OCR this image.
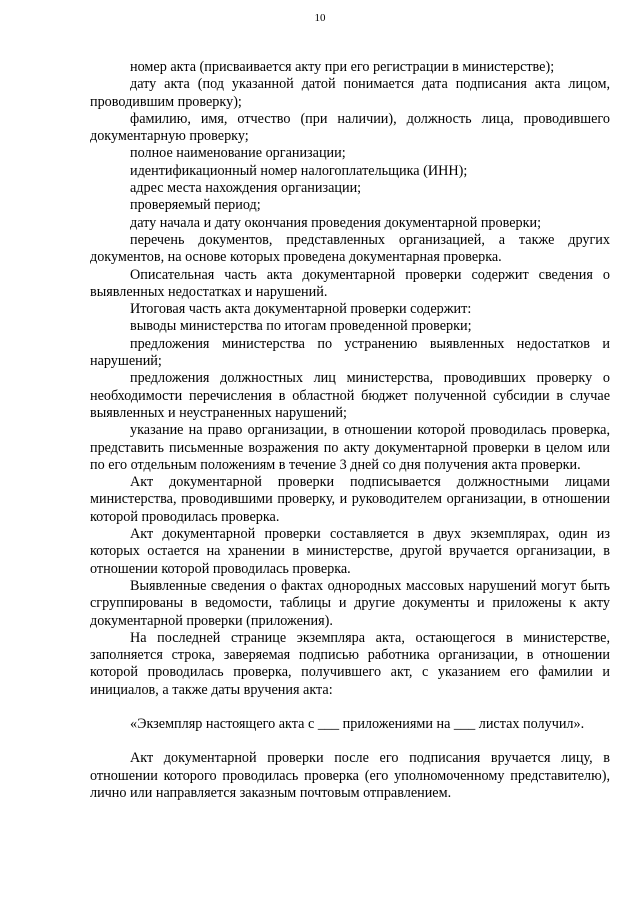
10

номер акта (присваивается акту при его регистрации в министерстве);

дату акта (под указанной датой понимается дата подписания акта лицом, проводившим проверку);

фамилию, имя, отчество (при наличии), должность лица, проводившего документарную проверку;

полное наименование организации;

идентификационный номер налогоплательщика (ИНН);

адрес места нахождения организации;

проверяемый период;

дату начала и дату окончания проведения документарной проверки;

перечень документов, представленных организацией, а также других документов, на основе которых проведена документарная проверка.

Описательная часть акта документарной проверки содержит сведения о выявленных недостатках и нарушений.

Итоговая часть акта документарной проверки содержит:

выводы министерства по итогам проведенной проверки;

предложения министерства по устранению выявленных недостатков и нарушений;

предложения должностных лиц министерства, проводивших проверку о необходимости перечисления в областной бюджет полученной субсидии в случае выявленных и неустраненных нарушений;

указание на право организации, в отношении которой проводилась проверка, представить письменные возражения по акту документарной проверки в целом или по его отдельным положениям в течение 3 дней со дня получения акта проверки.

Акт документарной проверки подписывается должностными лицами министерства, проводившими проверку, и руководителем организации, в отношении которой проводилась проверка.

Акт документарной проверки составляется в двух экземплярах, один из которых остается на хранении в министерстве, другой вручается организации, в отношении которой проводилась проверка.

Выявленные сведения о фактах однородных массовых нарушений могут быть сгруппированы в ведомости, таблицы и другие документы и приложены к акту документарной проверки (приложения).

На последней странице экземпляра акта, остающегося в министерстве, заполняется строка, заверяемая подписью работника организации, в отношении которой проводилась проверка, получившего акт, с указанием его фамилии и инициалов, а также даты вручения акта:

«Экземпляр настоящего акта с ___ приложениями на ___ листах получил».

Акт документарной проверки после его подписания вручается лицу, в отношении которого проводилась проверка (его уполномоченному представителю), лично или направляется заказным почтовым отправлением.
